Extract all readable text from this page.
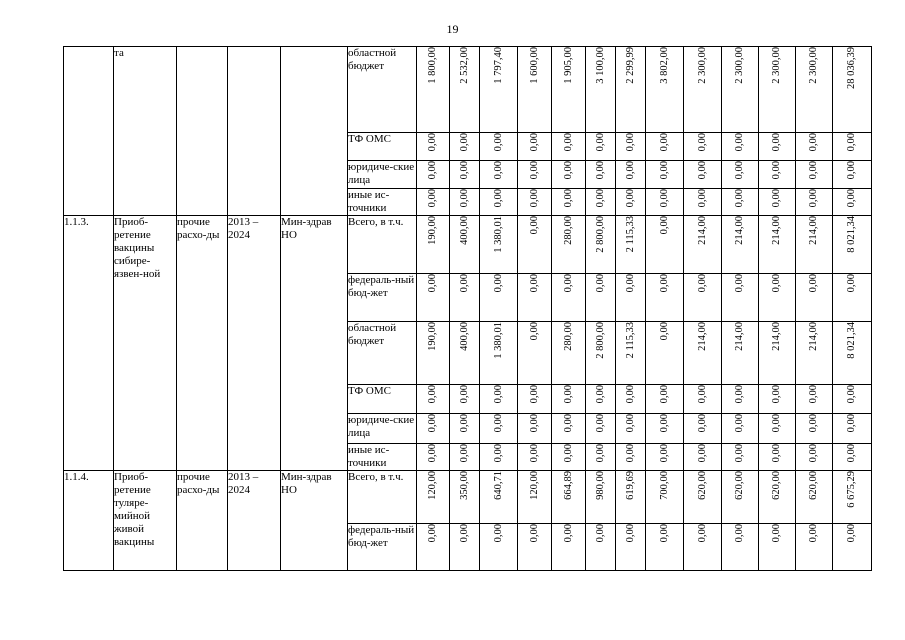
19
	та				областной бюджет	1 800,00	2 532,00	1 797,40	1 600,00	1 905,00	3 100,00	2 299,99	3 802,00	2 300,00	2 300,00	2 300,00	2 300,00	28 036,39
					ТФ ОМС	0,00	0,00	0,00	0,00	0,00	0,00	0,00	0,00	0,00	0,00	0,00	0,00	0,00
					юридиче-ские лица	0,00	0,00	0,00	0,00	0,00	0,00	0,00	0,00	0,00	0,00	0,00	0,00	0,00
					иные ис-точники	0,00	0,00	0,00	0,00	0,00	0,00	0,00	0,00	0,00	0,00	0,00	0,00	0,00
1.1.3.	Приоб-ретение вакцины сибире-язвен-ной	прочие расхо-ды	2013 – 2024	Мин-здрав НО	Всего, в т.ч.	190,00	400,00	1 380,01	0,00	280,00	2 800,00	2 115,33	0,00	214,00	214,00	214,00	214,00	8 021,34
					федераль-ный бюд-жет	0,00	0,00	0,00	0,00	0,00	0,00	0,00	0,00	0,00	0,00	0,00	0,00	0,00
					областной бюджет	190,00	400,00	1 380,01	0,00	280,00	2 800,00	2 115,33	0,00	214,00	214,00	214,00	214,00	8 021,34
					ТФ ОМС	0,00	0,00	0,00	0,00	0,00	0,00	0,00	0,00	0,00	0,00	0,00	0,00	0,00
					юридиче-ские лица	0,00	0,00	0,00	0,00	0,00	0,00	0,00	0,00	0,00	0,00	0,00	0,00	0,00
					иные ис-точники	0,00	0,00	0,00	0,00	0,00	0,00	0,00	0,00	0,00	0,00	0,00	0,00	0,00
1.1.4.	Приоб-ретение туляре-мийной живой вакцины	прочие расхо-ды	2013 – 2024	Мин-здрав НО	Всего, в т.ч.	120,00	350,00	640,71	120,00	664,89	980,00	619,69	700,00	620,00	620,00	620,00	620,00	6 675,29
					федераль-ный бюд-жет	0,00	0,00	0,00	0,00	0,00	0,00	0,00	0,00	0,00	0,00	0,00	0,00	0,00
